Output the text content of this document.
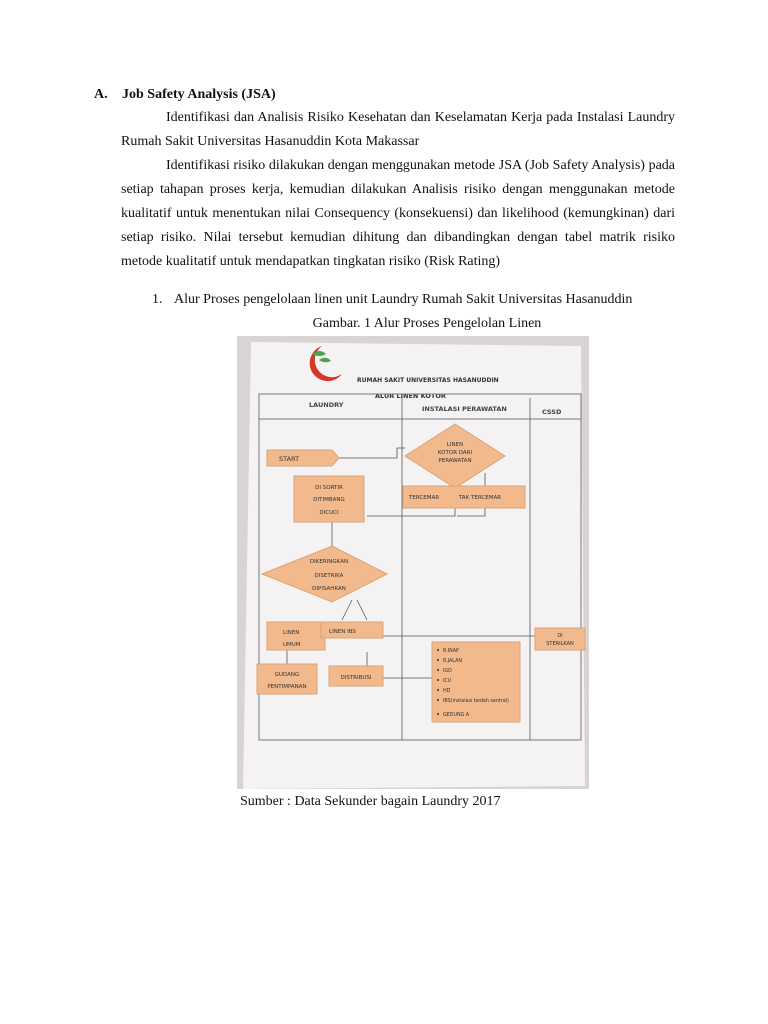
A. Job Safety Analysis (JSA)
Identifikasi dan Analisis Risiko Kesehatan dan Keselamatan Kerja pada Instalasi Laundry Rumah Sakit Universitas Hasanuddin Kota Makassar
Identifikasi risiko dilakukan dengan menggunakan metode JSA (Job Safety Analysis) pada setiap tahapan proses kerja, kemudian dilakukan Analisis risiko dengan menggunakan metode kualitatif untuk menentukan nilai Consequency (konsekuensi) dan likelihood (kemungkinan) dari setiap risiko. Nilai tersebut kemudian dihitung dan dibandingkan dengan tabel matrik risiko metode kualitatif untuk mendapatkan tingkatan risiko (Risk Rating)
1. Alur Proses pengelolaan linen unit Laundry Rumah Sakit Universitas Hasanuddin
Gambar. 1 Alur Proses Pengelolan Linen
RUMAH SAKIT UNIVERSITAS HASANUDDIN
ALUR LINEN KOTOR
LAUNDRY	INSTALASI PERAWATAN	CSSD
START
LINEN
KOTOR DARI
PERAWATAN
TERCEMAR	TAK TERCEMAR
DI SORTIR
DITIMBANG
DICUCI
DIKERINGKAN
DISETRIKA
DIPISAHKAN
LINEN
UMUM
LINEN IBS
DI
STERILKAN
GUDANG
PENTIMPANAN
DISTRIBUSI
R.INAP
R.JALAN
IGD
ICU
HD
IBS(instalasi bedah sentral)
GEDUNG A
Sumber : Data Sekunder bagain Laundry 2017
